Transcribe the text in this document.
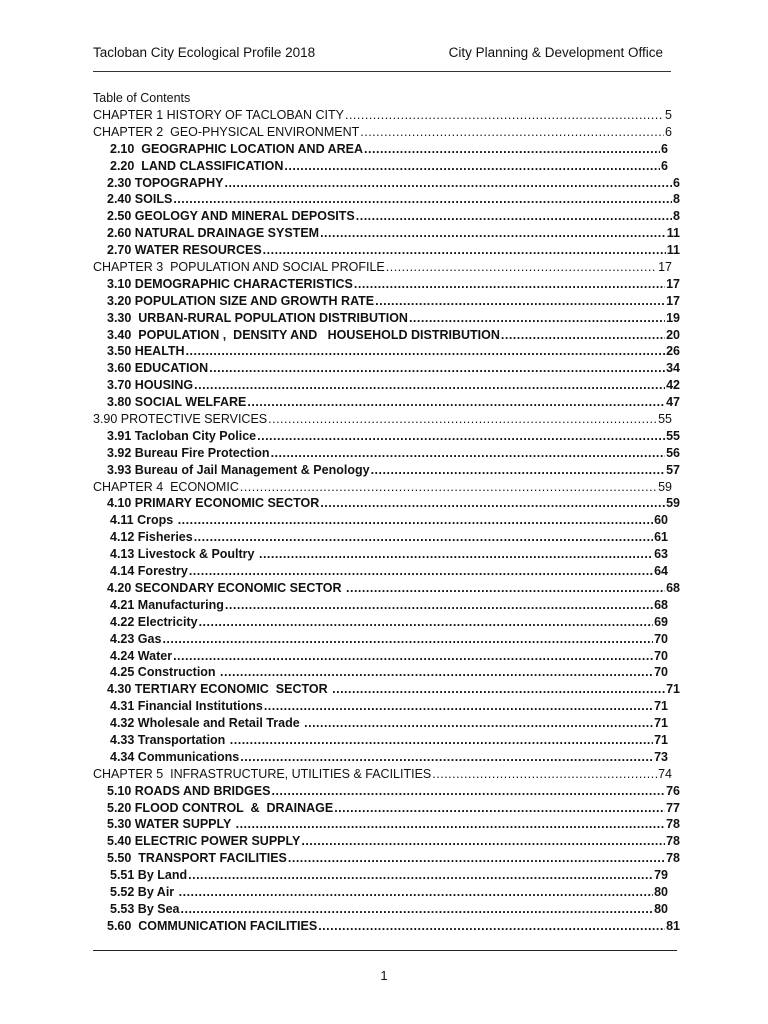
Tacloban City Ecological Profile 2018	City Planning & Development Office
Table of Contents
CHAPTER 1 HISTORY OF TACLOBAN CITY .....	5
CHAPTER 2  GEO-PHYSICAL ENVIRONMENT .....	6
2.10  GEOGRAPHIC LOCATION AND AREA .....	6
2.20  LAND CLASSIFICATION .....	6
2.30 TOPOGRAPHY .....	6
2.40 SOILS .....	8
2.50 GEOLOGY AND MINERAL DEPOSITS .....	8
2.60 NATURAL DRAINAGE SYSTEM .....	11
2.70 WATER RESOURCES .....	11
CHAPTER 3  POPULATION AND SOCIAL PROFILE .....	17
3.10 DEMOGRAPHIC CHARACTERISTICS .....	17
3.20 POPULATION SIZE AND GROWTH RATE .....	17
3.30  URBAN-RURAL POPULATION DISTRIBUTION .....	19
3.40  POPULATION ,  DENSITY AND   HOUSEHOLD DISTRIBUTION .....	20
3.50 HEALTH .....	26
3.60 EDUCATION .....	34
3.70 HOUSING .....	42
3.80 SOCIAL WELFARE .....	47
3.90 PROTECTIVE SERVICES .....	55
3.91 Tacloban City Police .....	55
3.92 Bureau Fire Protection .....	56
3.93 Bureau of Jail Management & Penology .....	57
CHAPTER 4  ECONOMIC .....	59
4.10 PRIMARY ECONOMIC SECTOR .....	59
4.11 Crops .....	60
4.12 Fisheries .....	61
4.13 Livestock & Poultry .....	63
4.14 Forestry .....	64
4.20 SECONDARY ECONOMIC SECTOR .....	68
4.21 Manufacturing .....	68
4.22 Electricity .....	69
4.23 Gas .....	70
4.24 Water .....	70
4.25 Construction .....	70
4.30 TERTIARY ECONOMIC  SECTOR .....	71
4.31 Financial Institutions .....	71
4.32 Wholesale and Retail Trade .....	71
4.33 Transportation .....	71
4.34 Communications .....	73
CHAPTER 5  INFRASTRUCTURE, UTILITIES & FACILITIES .....	74
5.10 ROADS AND BRIDGES .....	76
5.20 FLOOD CONTROL  &  DRAINAGE .....	77
5.30 WATER SUPPLY .....	78
5.40 ELECTRIC POWER SUPPLY .....	78
5.50  TRANSPORT FACILITIES .....	78
5.51 By Land .....	79
5.52 By Air .....	80
5.53 By Sea .....	80
5.60  COMMUNICATION FACILITIES .....	81
1
